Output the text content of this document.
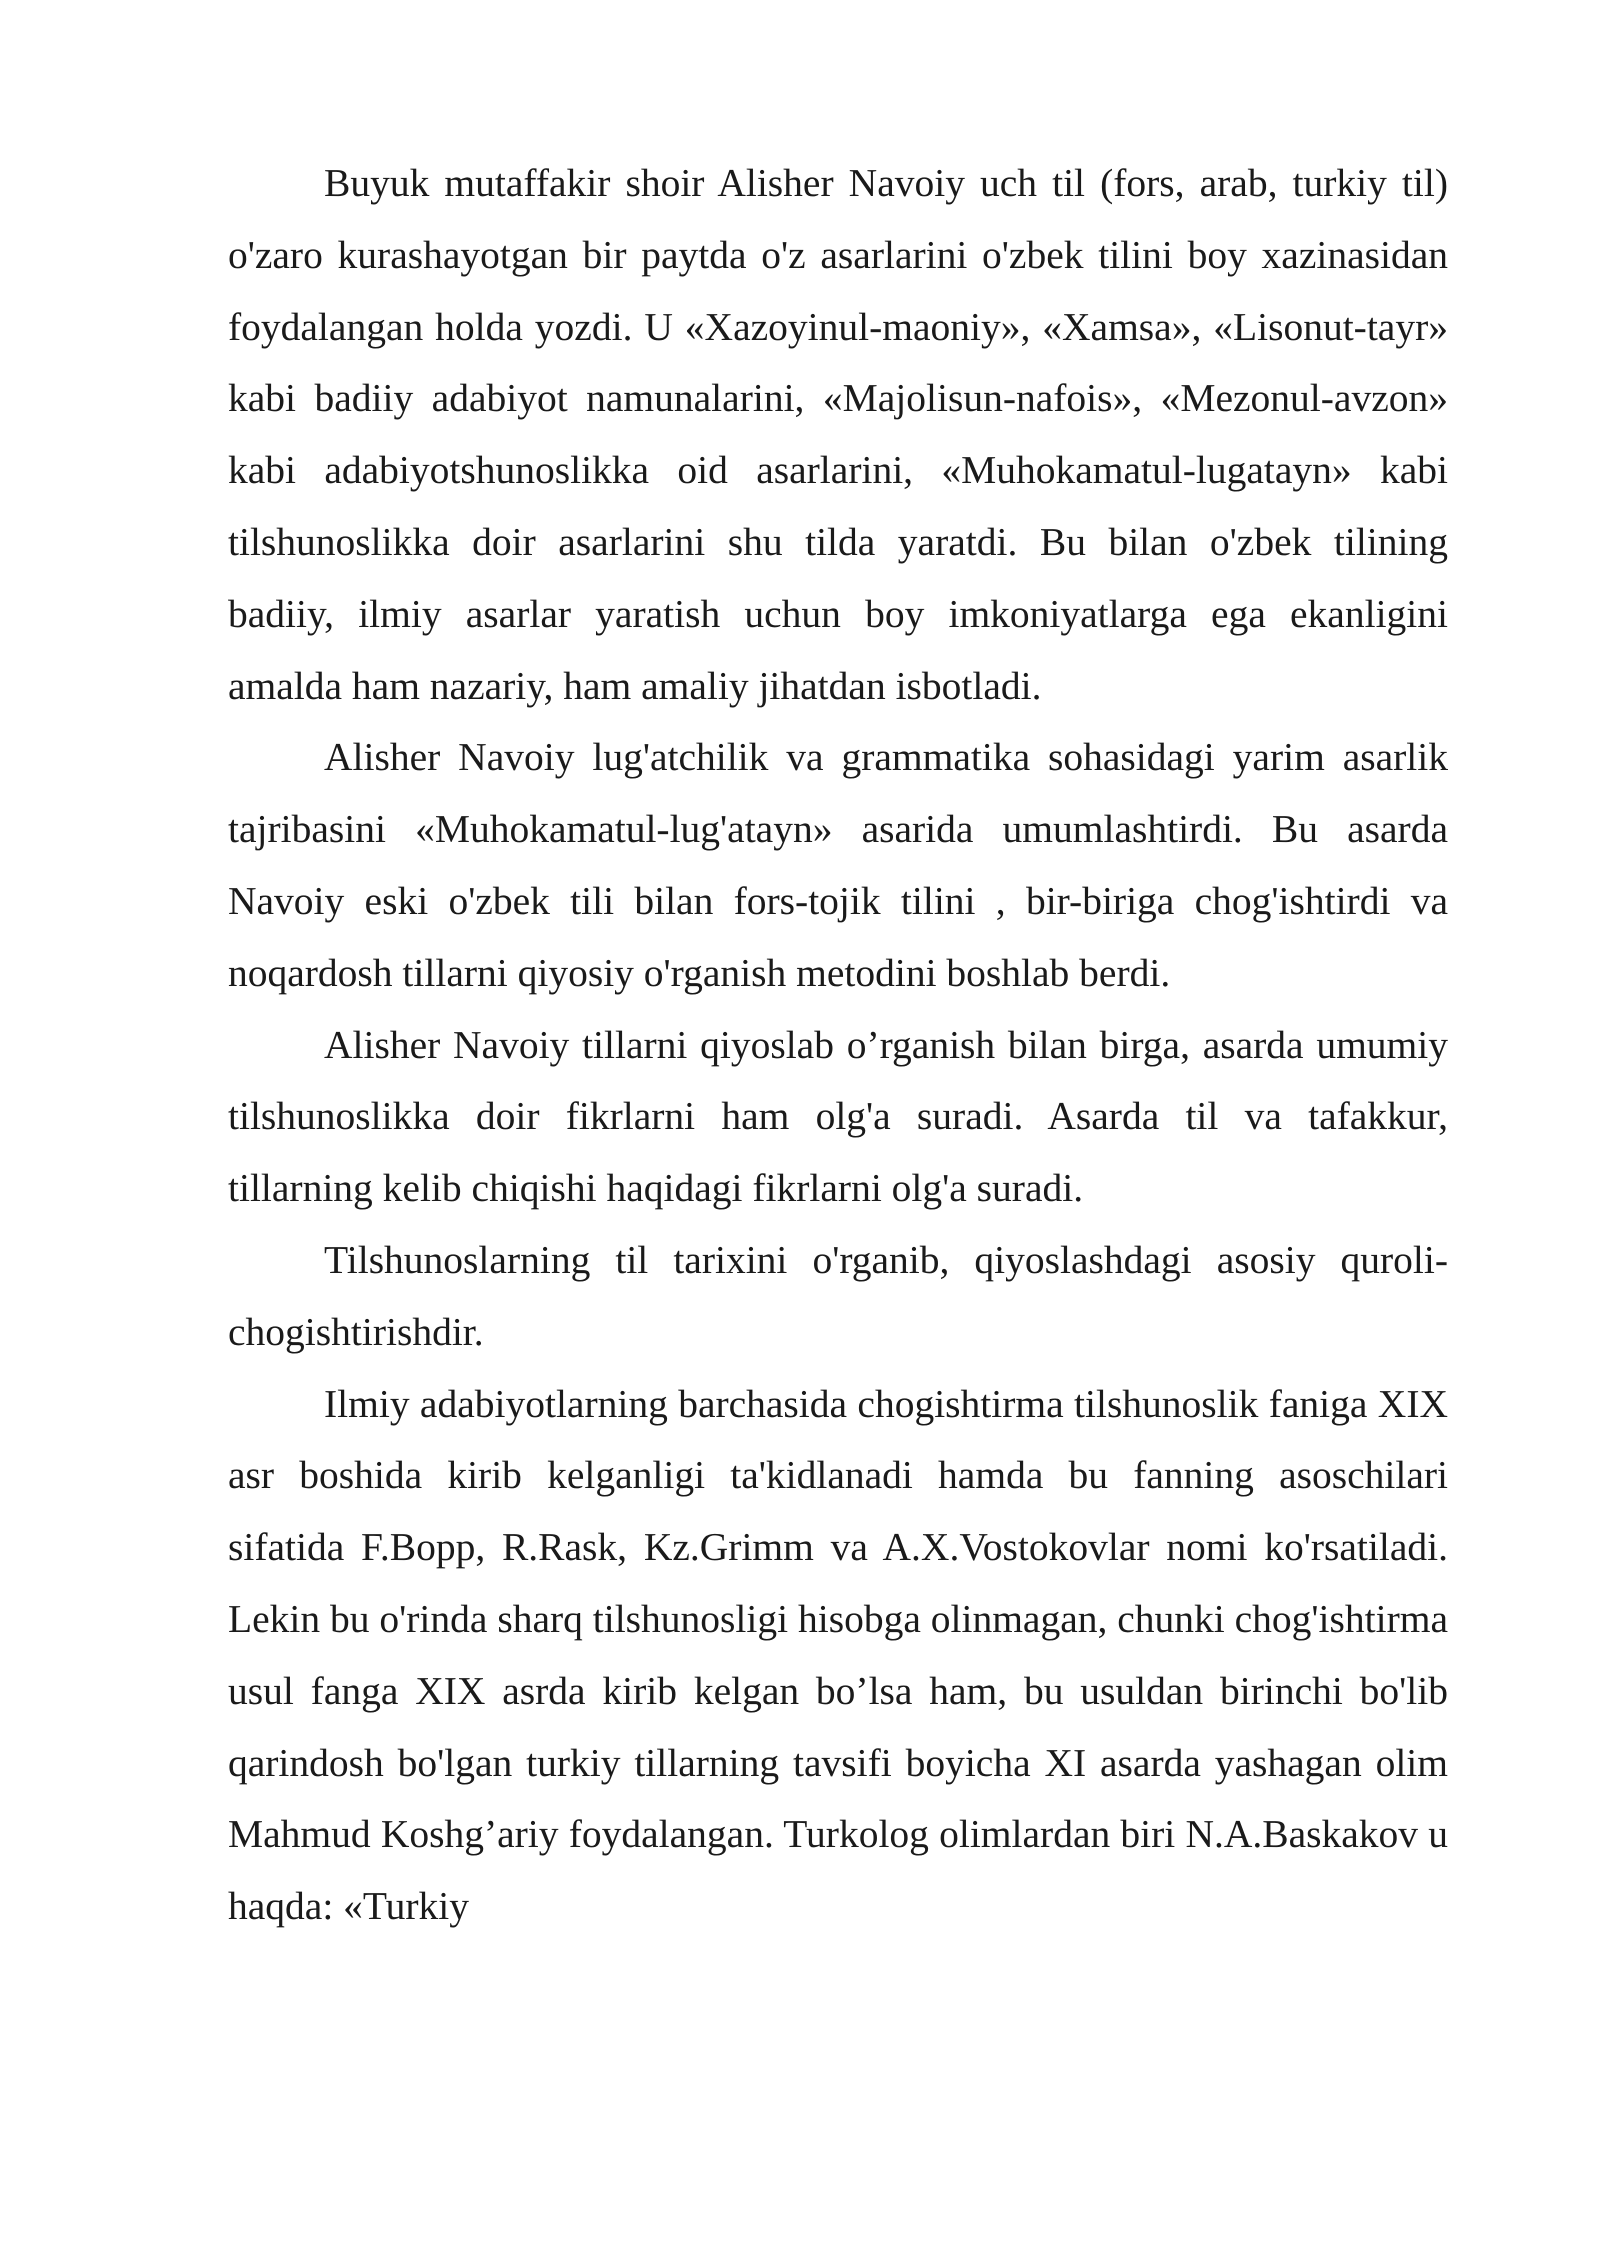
Buyuk mutaffakir shoir Alisher Navoiy uch til (fors, arab, turkiy til) o'zaro kurashayotgan bir paytda o'z asarlarini o'zbek tilini boy xazinasidan foydalangan holda yozdi. U «Xazoyinul-maoniy», «Xamsa», «Lisonut-tayr» kabi badiiy adabiyot namunalarini, «Majolisun-nafois», «Mezonul-avzon» kabi adabiyotshunoslikka oid asarlarini, «Muhokamatul-lugatayn» kabi tilshunoslikka doir asarlarini shu tilda yaratdi. Bu bilan o'zbek tilining badiiy, ilmiy asarlar yaratish uchun boy imkoniyatlarga ega ekanligini amalda ham nazariy, ham amaliy jihatdan isbotladi.

Alisher Navoiy lug'atchilik va grammatika sohasidagi yarim asarlik tajribasini «Muhokamatul-lug'atayn» asarida umumlashtirdi. Bu asarda Navoiy eski o'zbek tili bilan fors-tojik tilini , bir-biriga chog'ishtirdi va noqardosh tillarni qiyosiy o'rganish metodini boshlab berdi.

Alisher Navoiy tillarni qiyoslab o’rganish bilan birga, asarda umumiy tilshunoslikka doir fikrlarni ham olg'a suradi. Asarda til va tafakkur, tillarning kelib chiqishi haqidagi fikrlarni olg'a suradi.

Tilshunoslarning til tarixini o'rganib, qiyoslashdagi asosiy quroli-chogishtirishdir.

Ilmiy adabiyotlarning barchasida chogishtirma tilshunoslik faniga XIX asr boshida kirib kelganligi ta'kidlanadi hamda bu fanning asoschilari sifatida F.Bopp, R.Rask, Kz.Grimm va A.X.Vostokovlar nomi ko'rsatiladi. Lekin bu o'rinda sharq tilshunosligi hisobga olinmagan, chunki chog'ishtirma usul fanga XIX asrda kirib kelgan bo’lsa ham, bu usuldan birinchi bo'lib qarindosh bo'lgan turkiy tillarning tavsifi boyicha XI asarda yashagan olim Mahmud Koshg’ariy foydalangan. Turkolog olimlardan biri N.A.Baskakov u haqda: «Turkiy
